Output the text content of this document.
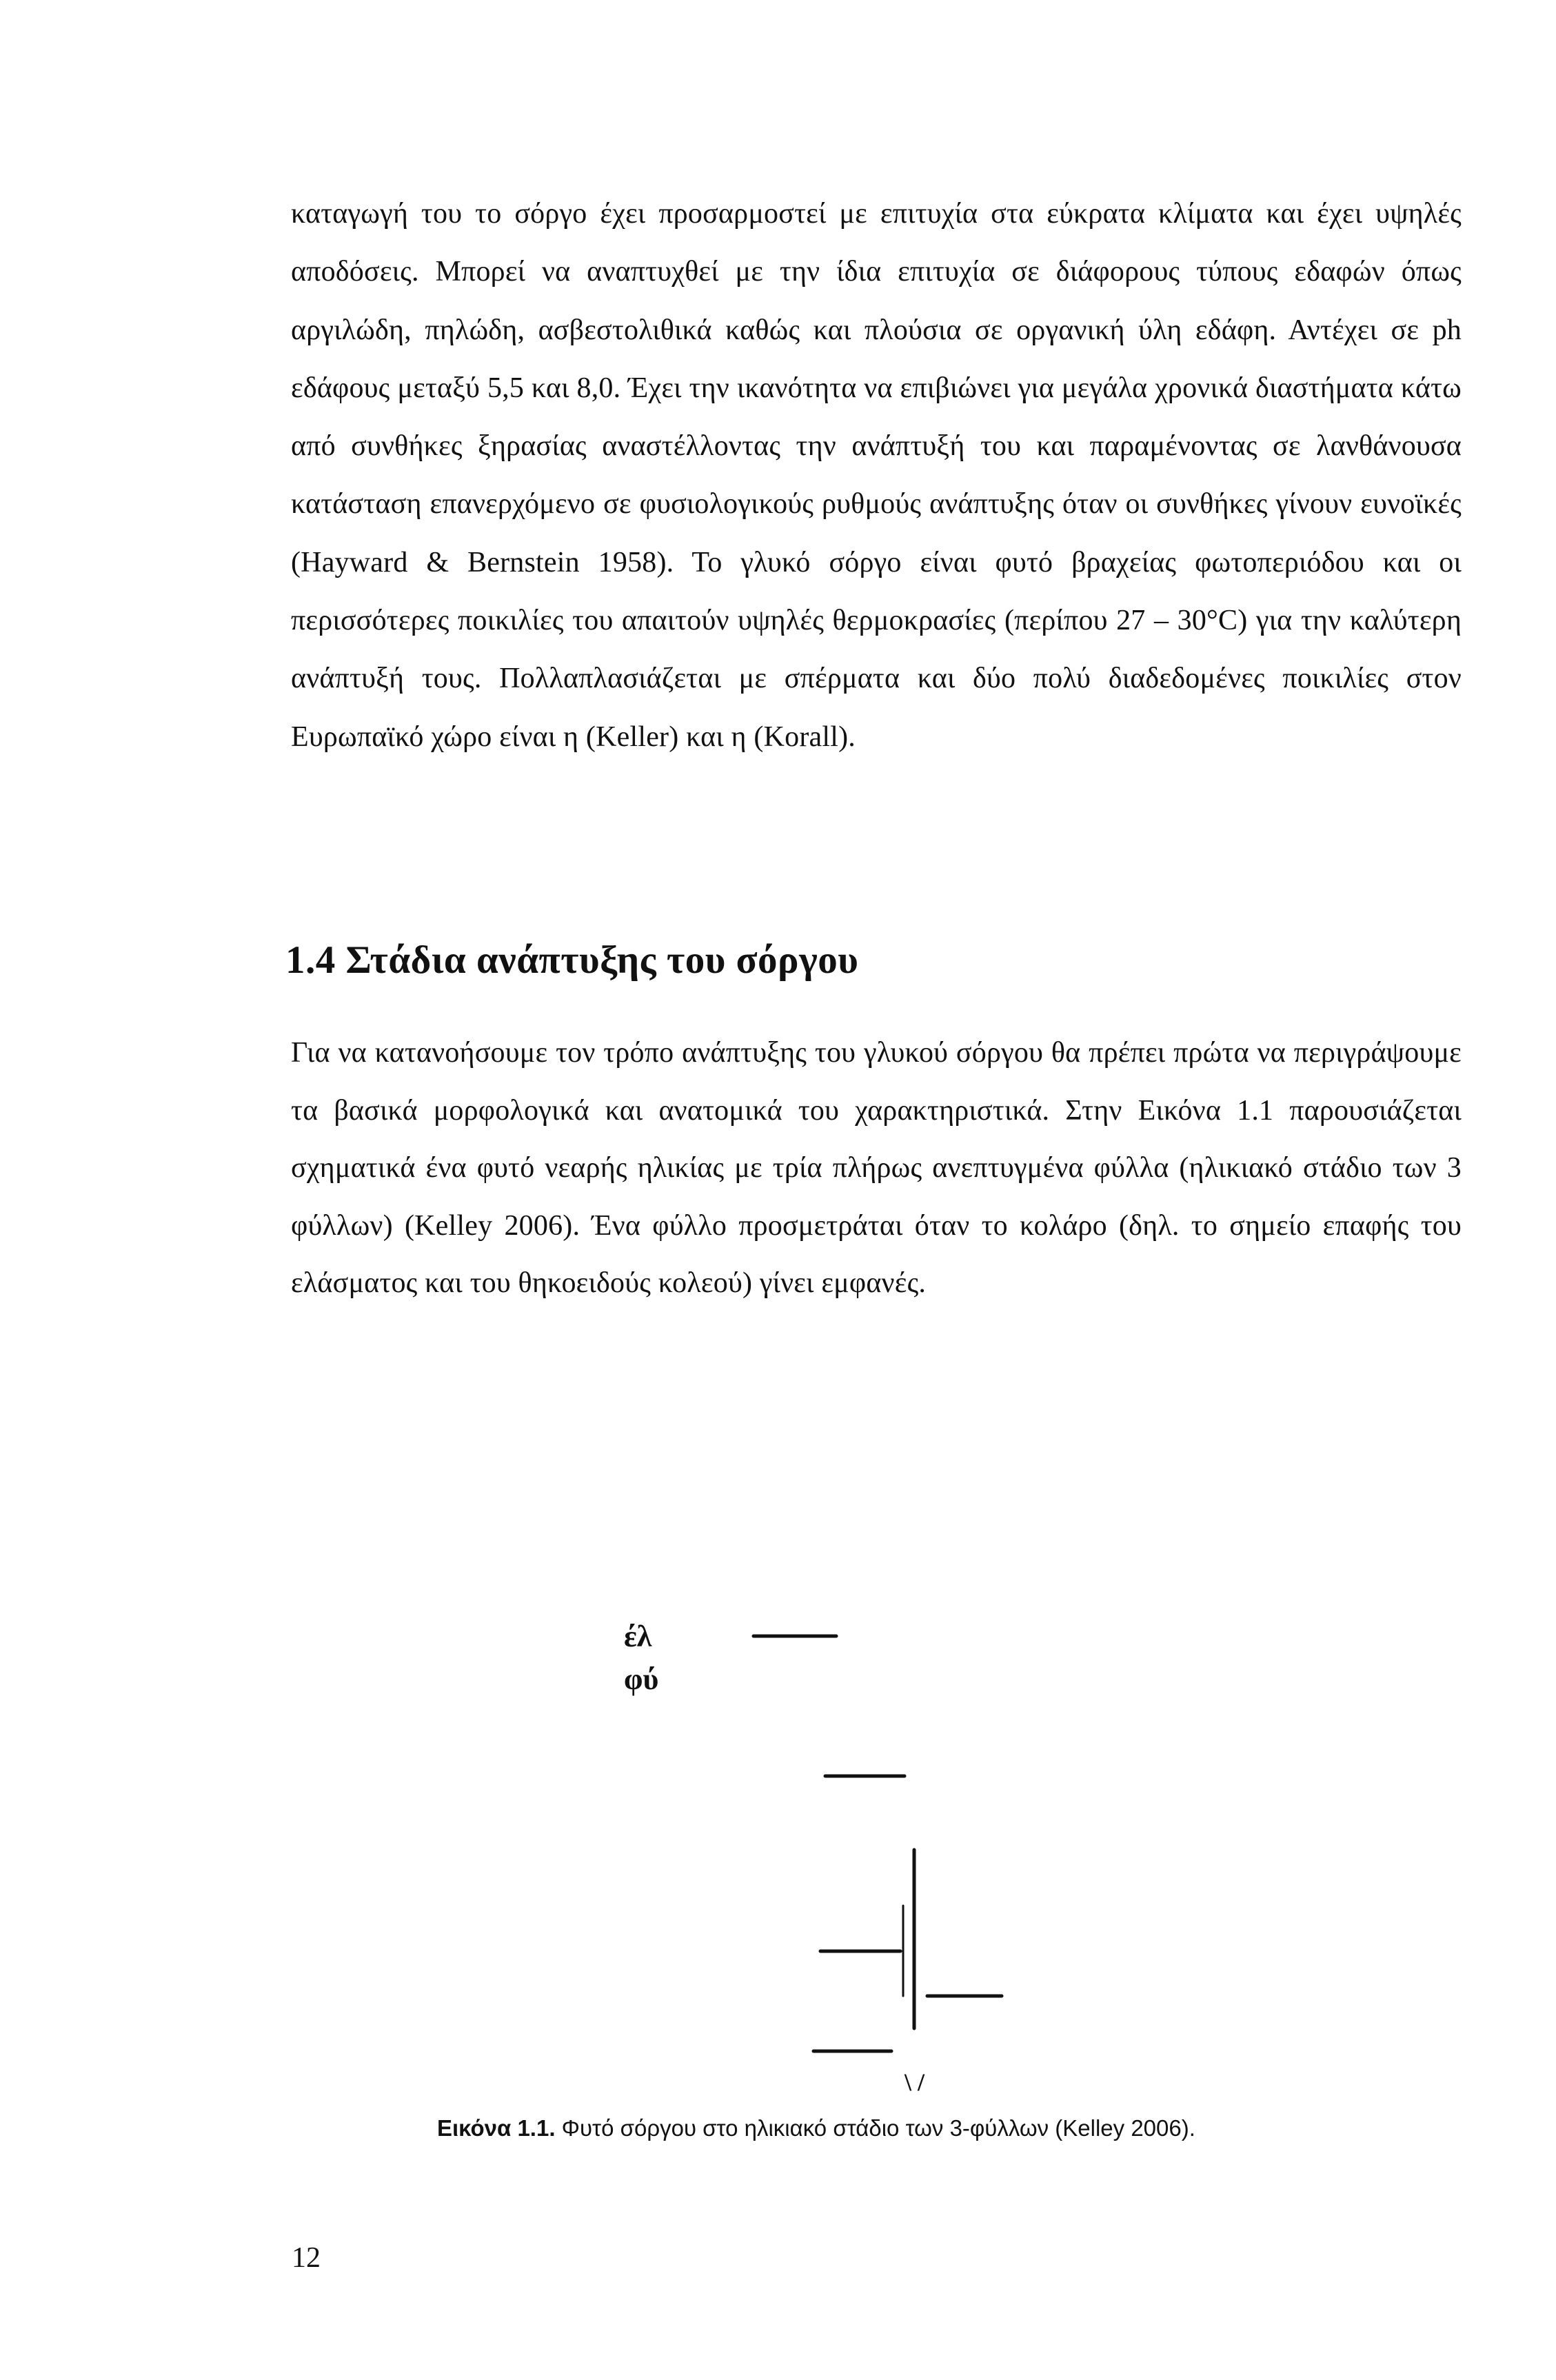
καταγωγή του το σόργο έχει προσαρμοστεί με επιτυχία στα εύκρατα κλίματα και έχει υψηλές αποδόσεις. Μπορεί να αναπτυχθεί με την ίδια επιτυχία σε διάφορους τύπους εδαφών όπως αργιλώδη, πηλώδη, ασβεστολιθικά καθώς και πλούσια σε οργανική ύλη εδάφη. Αντέχει σε ph εδάφους μεταξύ 5,5 και 8,0. Έχει την ικανότητα να επιβιώνει για μεγάλα χρονικά διαστήματα κάτω από συνθήκες ξηρασίας αναστέλλοντας την ανάπτυξή του και παραμένοντας σε λανθάνουσα κατάσταση επανερχόμενο σε φυσιολογικούς ρυθμούς ανάπτυξης όταν οι συνθήκες γίνουν ευνοϊκές (Hayward & Bernstein 1958). Το γλυκό σόργο είναι φυτό βραχείας φωτοπεριόδου και οι περισσότερες ποικιλίες του απαιτούν υψηλές θερμοκρασίες (περίπου 27 – 30°C) για την καλύτερη ανάπτυξή τους. Πολλαπλασιάζεται με σπέρματα και δύο πολύ διαδεδομένες ποικιλίες στον Ευρωπαϊκό χώρο είναι η (Keller) και η (Korall).

1.4 Στάδια ανάπτυξης του σόργου

Για να κατανοήσουμε τον τρόπο ανάπτυξης του γλυκού σόργου θα πρέπει πρώτα να περιγράψουμε τα βασικά μορφολογικά και ανατομικά του χαρακτηριστικά. Στην Εικόνα 1.1 παρουσιάζεται σχηματικά ένα φυτό νεαρής ηλικίας με τρία πλήρως ανεπτυγμένα φύλλα (ηλικιακό στάδιο των 3 φύλλων) (Kelley 2006). Ένα φύλλο προσμετράται όταν το κολάρο (δηλ. το σημείο επαφής του ελάσματος και του θηκοειδούς κολεού) γίνει εμφανές.

έλ
φύ
\ /

Εικόνα 1.1. Φυτό σόργου στο ηλικιακό στάδιο των 3-φύλλων (Kelley 2006).

12
